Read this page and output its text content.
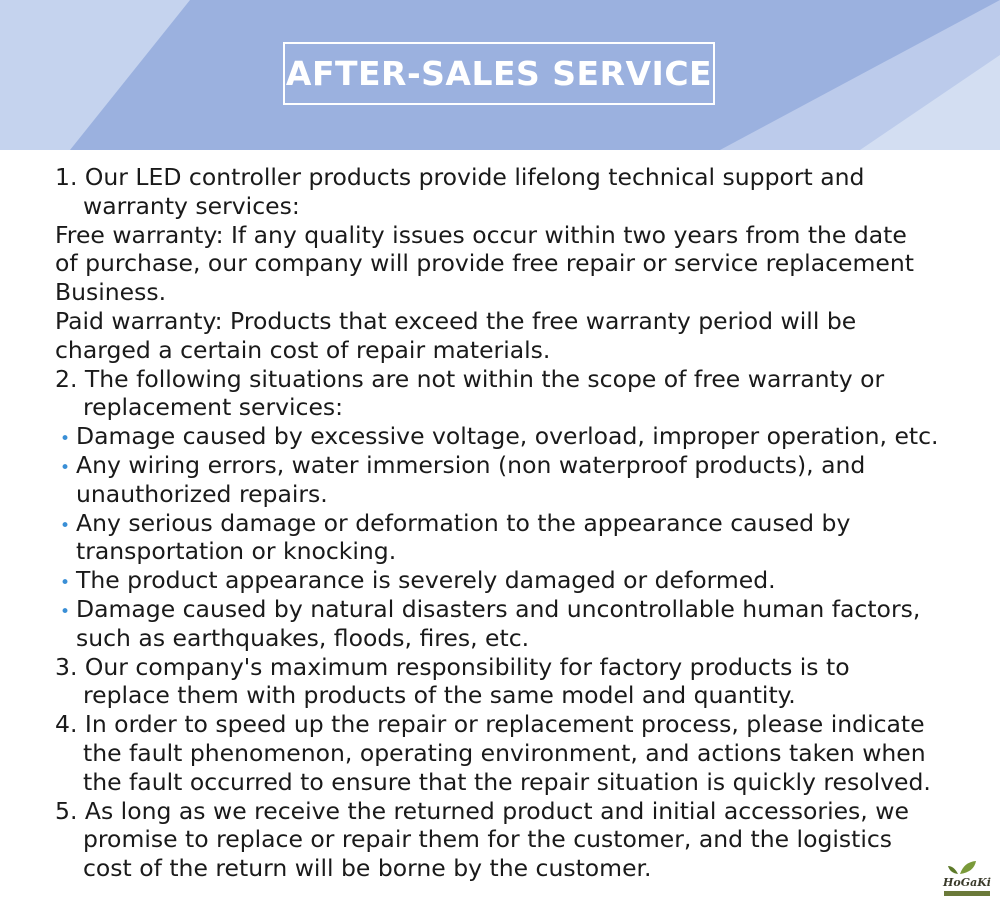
AFTER-SALES SERVICE
1. Our LED controller products provide lifelong technical support and
warranty services:
Free warranty: If any quality issues occur within two years from the date
of purchase, our company will provide free repair or service replacement
Business.
Paid warranty: Products that exceed the free warranty period will be
charged a certain cost of repair materials.
2. The following situations are not within the scope of free warranty or
replacement services:
• Damage caused by excessive voltage, overload, improper operation, etc.
• Any wiring errors, water immersion (non waterproof products), and
unauthorized repairs.
• Any serious damage or deformation to the appearance caused by
transportation or knocking.
• The product appearance is severely damaged or deformed.
• Damage caused by natural disasters and uncontrollable human factors,
such as earthquakes, floods, fires, etc.
3. Our company's maximum responsibility for factory products is to
replace them with products of the same model and quantity.
4. In order to speed up the repair or replacement process, please indicate
the fault phenomenon, operating environment, and actions taken when
the fault occurred to ensure that the repair situation is quickly resolved.
5. As long as we receive the returned product and initial accessories, we
promise to replace or repair them for the customer, and the logistics
cost of the return will be borne by the customer.
HoGaKi
